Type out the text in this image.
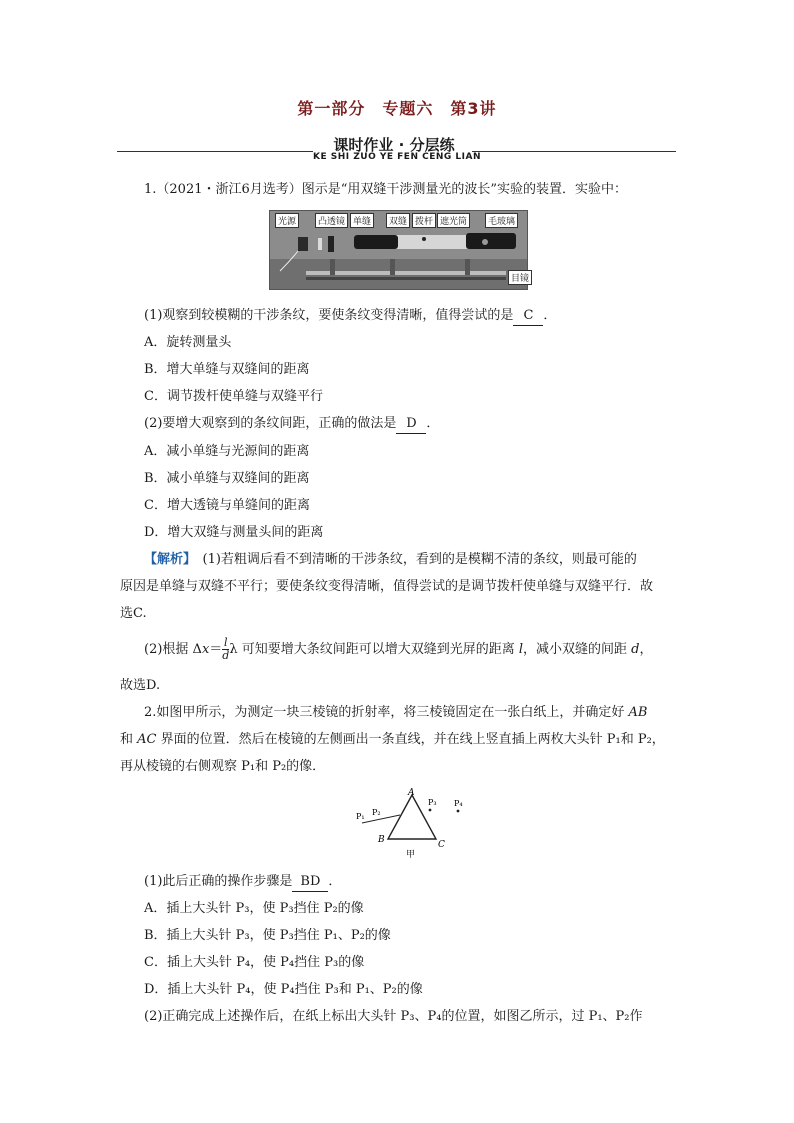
第一部分　专题六　第3讲
课时作业 · 分层练
KE SHI ZUO YE FEN CENG LIAN
1.（2021・浙江6月选考）图示是“用双缝干涉测量光的波长”实验的装置．实验中：
光源	凸透镜 单缝	双缝 拨杆 遮光筒	毛玻璃
目镜
(1)观察到较模糊的干涉条纹，要使条纹变得清晰，值得尝试的是 C ．
A．旋转测量头
B．增大单缝与双缝间的距离
C．调节拨杆使单缝与双缝平行
(2)要增大观察到的条纹间距，正确的做法是 D ．
A．减小单缝与光源间的距离
B．减小单缝与双缝间的距离
C．增大透镜与单缝间的距离
D．增大双缝与测量头间的距离
【解析】　(1)若粗调后看不到清晰的干涉条纹，看到的是模糊不清的条纹，则最可能的
原因是单缝与双缝不平行；要使条纹变得清晰，值得尝试的是调节拨杆使单缝与双缝平行．故
选C.
(2)根据 $\Delta x= \frac{l}{d}$ λ 可知要增大条纹间距可以增大双缝到光屏的距离 l，减小双缝的间距 d，
故选D.
2.如图甲所示，为测定一块三棱镜的折射率，将三棱镜固定在一张白纸上，并确定好 AB
和 AC 界面的位置．然后在棱镜的左侧画出一条直线，并在线上竖直插上两枚大头针 P₁和 P₂，
再从棱镜的右侧观察 P₁和 P₂的像．
A
B	C
P₁ P₂
P₃ P₄
甲
(1)此后正确的操作步骤是 BD ．
A．插上大头针 P₃，使 P₃挡住 P₂的像
B．插上大头针 P₃，使 P₃挡住 P₁、P₂的像
C．插上大头针 P₄，使 P₄挡住 P₃的像
D．插上大头针 P₄，使 P₄挡住 P₃和 P₁、P₂的像
(2)正确完成上述操作后，在纸上标出大头针 P₃、P₄的位置，如图乙所示，过 P₁、P₂作
